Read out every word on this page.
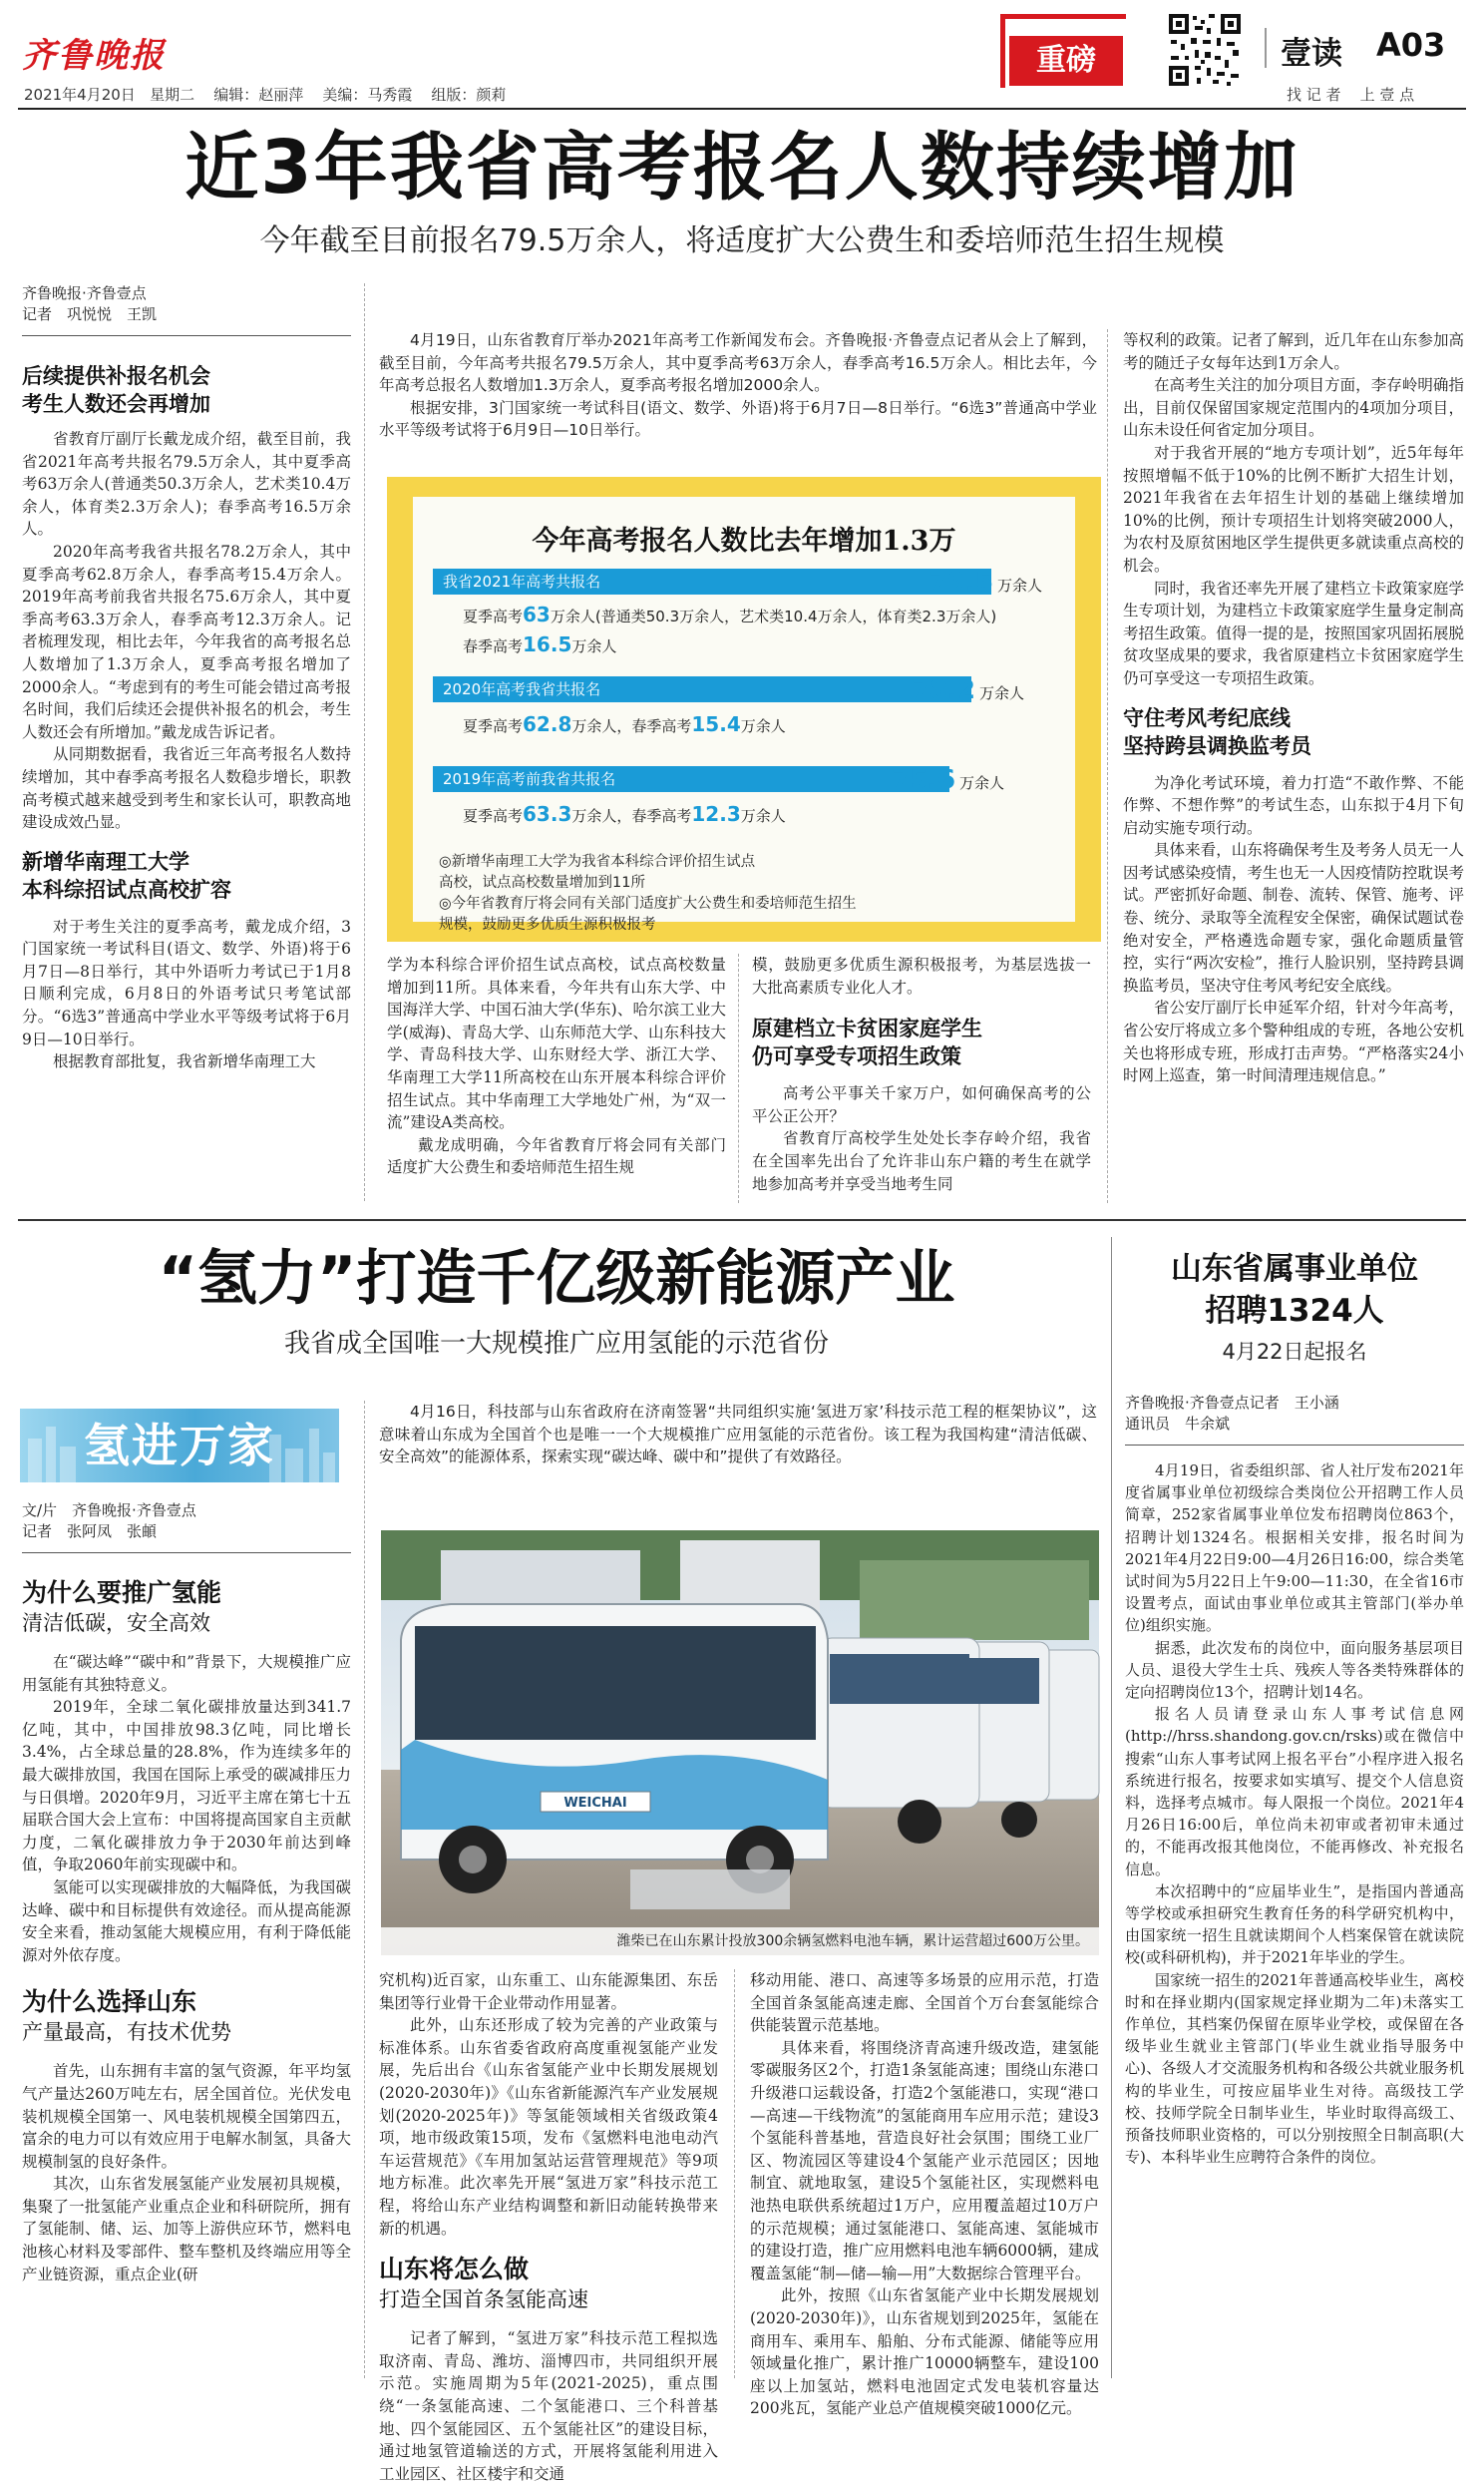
齐鲁晚报
2021年4月20日 星期二 编辑：赵丽萍 美编：马秀霞 组版：颜莉
重磅	壹读 A03
找 记 者    上 壹 点
近3年我省高考报名人数持续增加
今年截至目前报名79.5万余人，将适度扩大公费生和委培师范生招生规模
齐鲁晚报·齐鲁壹点
记者　巩悦悦　王凯
后续提供补报名机会
考生人数还会再增加

省教育厅副厅长戴龙成介绍，截至目前，我省2021年高考共报名79.5万余人，其中夏季高考63万余人(普通类50.3万余人，艺术类10.4万余人，体育类2.3万余人)；春季高考16.5万余人。

2020年高考我省共报名78.2万余人，其中夏季高考62.8万余人，春季高考15.4万余人。2019年高考前我省共报名75.6万余人，其中夏季高考63.3万余人，春季高考12.3万余人。记者梳理发现，相比去年，今年我省的高考报名总人数增加了1.3万余人，夏季高考报名增加了2000余人。“考虑到有的考生可能会错过高考报名时间，我们后续还会提供补报名的机会，考生人数还会有所增加。”戴龙成告诉记者。

从同期数据看，我省近三年高考报名人数持续增加，其中春季高考报名人数稳步增长，职教高考模式越来越受到考生和家长认可，职教高地建设成效凸显。

新增华南理工大学
本科综招试点高校扩容

对于考生关注的夏季高考，戴龙成介绍，3门国家统一考试科目(语文、数学、外语)将于6月7日—8日举行，其中外语听力考试已于1月8日顺利完成，6月8日的外语考试只考笔试部分。“6选3”普通高中学业水平等级考试将于6月9日—10日举行。

根据教育部批复，我省新增华南理工大

4月19日，山东省教育厅举办2021年高考工作新闻发布会。齐鲁晚报·齐鲁壹点记者从会上了解到，截至目前，今年高考共报名79.5万余人，其中夏季高考63万余人，春季高考16.5万余人。相比去年，今年高考总报名人数增加1.3万余人，夏季高考报名增加2000余人。

根据安排，3门国家统一考试科目(语文、数学、外语)将于6月7日—8日举行。“6选3”普通高中学业水平等级考试将于6月9日—10日举行。

今年高考报名人数比去年增加1.3万
我省2021年高考共报名	79.5 万余人
夏季高考63万余人(普通类50.3万余人，艺术类10.4万余人，体育类2.3万余人)
春季高考16.5万余人
2020年高考我省共报名	78.2 万余人
夏季高考62.8万余人，春季高考15.4万余人
2019年高考前我省共报名	75.6 万余人
夏季高考63.3万余人，春季高考12.3万余人
◎新增华南理工大学为我省本科综合评价招生试点高校，试点高校数量增加到11所
◎今年省教育厅将会同有关部门适度扩大公费生和委培师范生招生规模，鼓励更多优质生源积极报考

学为本科综合评价招生试点高校，试点高校数量增加到11所。具体来看，今年共有山东大学、中国海洋大学、中国石油大学(华东)、哈尔滨工业大学(威海)、青岛大学、山东师范大学、山东科技大学、青岛科技大学、山东财经大学、浙江大学、华南理工大学11所高校在山东开展本科综合评价招生试点。其中华南理工大学地处广州，为“双一流”建设A类高校。

戴龙成明确，今年省教育厅将会同有关部门适度扩大公费生和委培师范生招生规

模，鼓励更多优质生源积极报考，为基层选拔一大批高素质专业化人才。

原建档立卡贫困家庭学生
仍可享受专项招生政策

高考公平事关千家万户，如何确保高考的公平公正公开？

省教育厅高校学生处处长李存岭介绍，我省在全国率先出台了允许非山东户籍的考生在就学地参加高考并享受当地考生同

等权利的政策。记者了解到，近几年在山东参加高考的随迁子女每年达到1万余人。

在高考生关注的加分项目方面，李存岭明确指出，目前仅保留国家规定范围内的4项加分项目，山东未设任何省定加分项目。

对于我省开展的“地方专项计划”，近5年每年按照增幅不低于10%的比例不断扩大招生计划，2021年我省在去年招生计划的基础上继续增加10%的比例，预计专项招生计划将突破2000人，为农村及原贫困地区学生提供更多就读重点高校的机会。

同时，我省还率先开展了建档立卡政策家庭学生专项计划，为建档立卡政策家庭学生量身定制高考招生政策。值得一提的是，按照国家巩固拓展脱贫攻坚成果的要求，我省原建档立卡贫困家庭学生仍可享受这一专项招生政策。

守住考风考纪底线
坚持跨县调换监考员

为净化考试环境，着力打造“不敢作弊、不能作弊、不想作弊”的考试生态，山东拟于4月下旬启动实施专项行动。

具体来看，山东将确保考生及考务人员无一人因考试感染疫情，考生也无一人因疫情防控耽误考试。严密抓好命题、制卷、流转、保管、施考、评卷、统分、录取等全流程安全保密，确保试题试卷绝对安全，严格遴选命题专家，强化命题质量管控，实行“两次安检”，推行人脸识别，坚持跨县调换监考员，坚决守住考风考纪安全底线。

省公安厅副厅长申延军介绍，针对今年高考，省公安厅将成立多个警种组成的专班，各地公安机关也将形成专班，形成打击声势。“严格落实24小时网上巡查，第一时间清理违规信息。”

“氢力”打造千亿级新能源产业
我省成全国唯一大规模推广应用氢能的示范省份
氢进万家
文/片　齐鲁晚报·齐鲁壹点
记者　张阿凤　张頔
为什么要推广氢能
清洁低碳，安全高效

在“碳达峰”“碳中和”背景下，大规模推广应用氢能有其独特意义。

2019年，全球二氧化碳排放量达到341.7亿吨，其中，中国排放98.3亿吨，同比增长3.4%，占全球总量的28.8%，作为连续多年的最大碳排放国，我国在国际上承受的碳减排压力与日俱增。2020年9月，习近平主席在第七十五届联合国大会上宣布：中国将提高国家自主贡献力度，二氧化碳排放力争于2030年前达到峰值，争取2060年前实现碳中和。

氢能可以实现碳排放的大幅降低，为我国碳达峰、碳中和目标提供有效途径。而从提高能源安全来看，推动氢能大规模应用，有利于降低能源对外依存度。

为什么选择山东
产量最高，有技术优势

首先，山东拥有丰富的氢气资源，年平均氢气产量达260万吨左右，居全国首位。光伏发电装机规模全国第一、风电装机规模全国第四五，富余的电力可以有效应用于电解水制氢，具备大规模制氢的良好条件。

其次，山东省发展氢能产业发展初具规模，集聚了一批氢能产业重点企业和科研院所，拥有了氢能制、储、运、加等上游供应环节，燃料电池核心材料及零部件、整车整机及终端应用等全产业链资源，重点企业(研

4月16日，科技部与山东省政府在济南签署“共同组织实施‘氢进万家’科技示范工程的框架协议”，这意味着山东成为全国首个也是唯一一个大规模推广应用氢能的示范省份。该工程为我国构建“清洁低碳、安全高效”的能源体系，探索实现“碳达峰、碳中和”提供了有效路径。

WEICHAI
潍柴已在山东累计投放300余辆氢燃料电池车辆，累计运营超过600万公里。

究机构)近百家，山东重工、山东能源集团、东岳集团等行业骨干企业带动作用显著。

此外，山东还形成了较为完善的产业政策与标准体系。山东省委省政府高度重视氢能产业发展，先后出台《山东省氢能产业中长期发展规划(2020-2030年)》《山东省新能源汽车产业发展规划(2020-2025年)》等氢能领域相关省级政策4项，地市级政策15项，发布《氢燃料电池电动汽车运营规范》《车用加氢站运营管理规范》等9项地方标准。此次率先开展“氢进万家”科技示范工程，将给山东产业结构调整和新旧动能转换带来新的机遇。

山东将怎么做
打造全国首条氢能高速

记者了解到，“氢进万家”科技示范工程拟选取济南、青岛、潍坊、淄博四市，共同组织开展示范。实施周期为5年(2021-2025)，重点围绕“一条氢能高速、二个氢能港口、三个科普基地、四个氢能园区、五个氢能社区”的建设目标，通过地氢管道输送的方式，开展将氢能利用进入工业园区、社区楼宇和交通

移动用能、港口、高速等多场景的应用示范，打造全国首条氢能高速走廊、全国首个万台套氢能综合供能装置示范基地。

具体来看，将围绕济青高速升级改造，建氢能零碳服务区2个，打造1条氢能高速；围绕山东港口升级港口运载设备，打造2个氢能港口，实现“港口—高速—干线物流”的氢能商用车应用示范；建设3个氢能科普基地，营造良好社会氛围；围绕工业厂区、物流园区等建设4个氢能产业示范园区；因地制宜、就地取氢，建设5个氢能社区，实现燃料电池热电联供系统超过1万户，应用覆盖超过10万户的示范规模；通过氢能港口、氢能高速、氢能城市的建设打造，推广应用燃料电池车辆6000辆，建成覆盖氢能“制—储—输—用”大数据综合管理平台。

此外，按照《山东省氢能产业中长期发展规划(2020-2030年)》，山东省规划到2025年，氢能在商用车、乘用车、船舶、分布式能源、储能等应用领域量化推广，累计推广10000辆整车，建设100座以上加氢站，燃料电池固定式发电装机容量达200兆瓦，氢能产业总产值规模突破1000亿元。

山东省属事业单位
招聘1324人
4月22日起报名
齐鲁晚报·齐鲁壹点记者　王小涵
通讯员　牛余斌

4月19日，省委组织部、省人社厅发布2021年度省属事业单位初级综合类岗位公开招聘工作人员简章，252家省属事业单位发布招聘岗位863个，招聘计划1324名。根据相关安排，报名时间为2021年4月22日9:00—4月26日16:00，综合类笔试时间为5月22日上午9:00—11:30，在全省16市设置考点，面试由事业单位或其主管部门(举办单位)组织实施。

据悉，此次发布的岗位中，面向服务基层项目人员、退役大学生士兵、残疾人等各类特殊群体的定向招聘岗位13个，招聘计划14名。

报名人员请登录山东人事考试信息网(http://hrss.shandong.gov.cn/rsks)或在微信中搜索“山东人事考试网上报名平台”小程序进入报名系统进行报名，按要求如实填写、提交个人信息资料，选择考点城市。每人限报一个岗位。2021年4月26日16:00后，单位尚未初审或者初审未通过的，不能再改报其他岗位，不能再修改、补充报名信息。

本次招聘中的“应届毕业生”，是指国内普通高等学校或承担研究生教育任务的科学研究机构中，由国家统一招生且就读期间个人档案保管在就读院校(或科研机构)，并于2021年毕业的学生。

国家统一招生的2021年普通高校毕业生，离校时和在择业期内(国家规定择业期为二年)未落实工作单位，其档案仍保留在原毕业学校，或保留在各级毕业生就业主管部门(毕业生就业指导服务中心)、各级人才交流服务机构和各级公共就业服务机构的毕业生，可按应届毕业生对待。高级技工学校、技师学院全日制毕业生，毕业时取得高级工、预备技师职业资格的，可以分别按照全日制高职(大专)、本科毕业生应聘符合条件的岗位。
